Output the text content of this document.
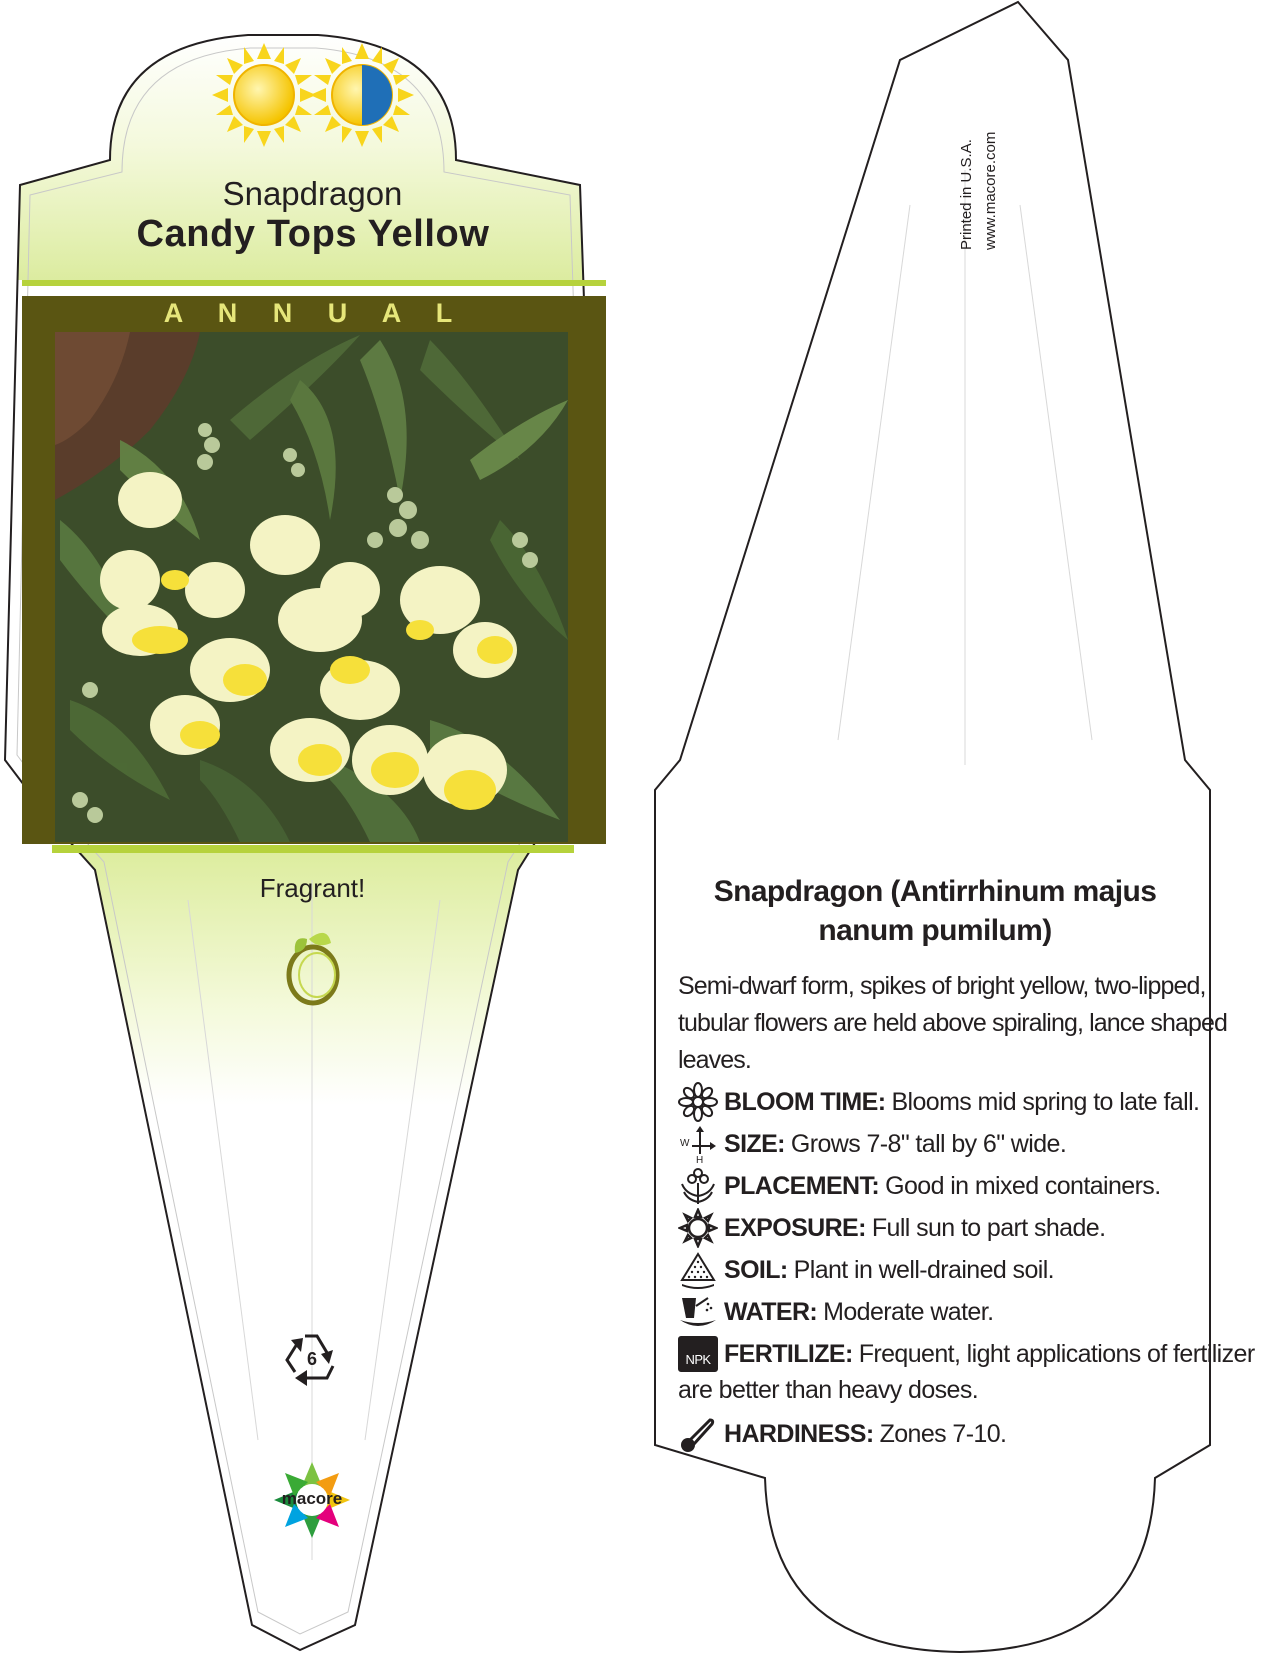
Snapdragon
Candy Tops Yellow
A N N U A L
Fragrant!
6
macore
Printed in U.S.A. www.macore.com
Snapdragon (Antirrhinum majus
nanum pumilum)
Semi-dwarf form, spikes of bright yellow, two-lipped,
tubular flowers are held above spiraling, lance shaped
leaves.
BLOOM TIME: Blooms mid spring to late fall.
W
H
SIZE: Grows 7-8" tall by 6" wide.
PLACEMENT: Good in mixed containers.
EXPOSURE: Full sun to part shade.
SOIL: Plant in well-drained soil.
WATER: Moderate water.
NPK FERTILIZE: Frequent, light applications of fertilizer
are better than heavy doses.
HARDINESS: Zones 7-10.
